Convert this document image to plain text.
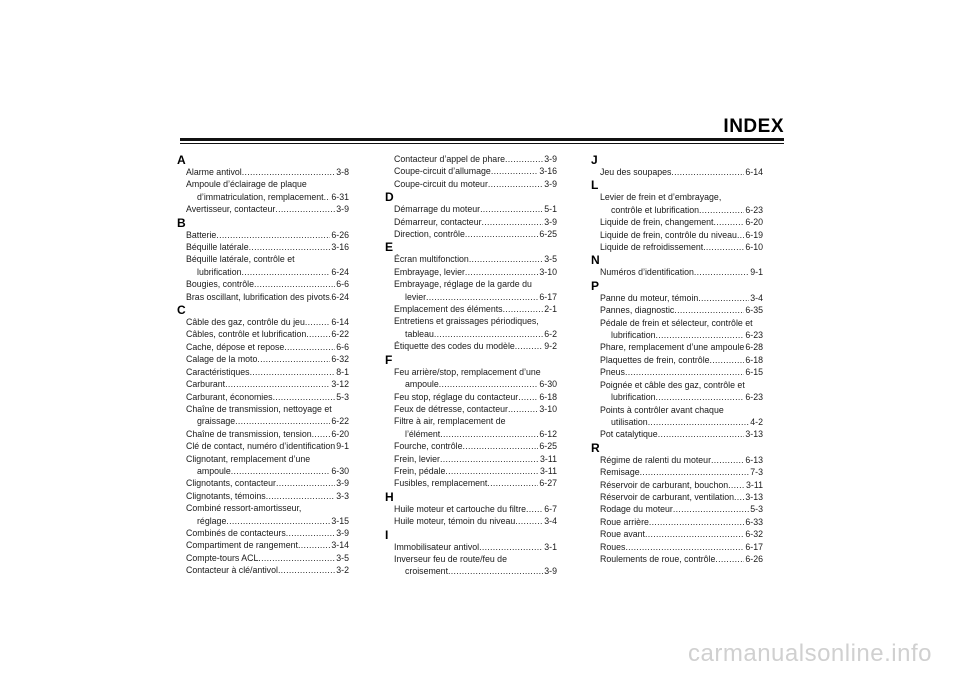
INDEX
A
Alarme antivol .....	3-8
Ampoule d’éclairage de plaque
d’immatriculation, remplacement ..... 6-31
Avertisseur, contacteur .....	3-9
B
Batterie .....	6-26
Béquille latérale .....	3-16
Béquille latérale, contrôle et
lubrification .....	6-24
Bougies, contrôle .....	6-6
Bras oscillant, lubrification des pivots ..... 6-24
C
Câble des gaz, contrôle du jeu .....	6-14
Câbles, contrôle et lubrification .....	6-22
Cache, dépose et repose .....	6-6
Calage de la moto .....	6-32
Caractéristiques .....	8-1
Carburant .....	3-12
Carburant, économies .....	5-3
Chaîne de transmission, nettoyage et
graissage .....	6-22
Chaîne de transmission, tension ..... 6-20
Clé de contact, numéro d’identification ..... 9-1
Clignotant, remplacement d’une
ampoule .....	6-30
Clignotants, contacteur .....	3-9
Clignotants, témoins .....	3-3
Combiné ressort-amortisseur,
réglage .....	3-15
Combinés de contacteurs .....	3-9
Compartiment de rangement .....	3-14
Compte-tours ACL .....	3-5
Contacteur à clé/antivol .....	3-2
Contacteur d’appel de phare .....	3-9
Coupe-circuit d’allumage .....	3-16
Coupe-circuit du moteur .....	3-9
D
Démarrage du moteur .....	5-1
Démarreur, contacteur .....	3-9
Direction, contrôle .....	6-25
E
Écran multifonction .....	3-5
Embrayage, levier .....	3-10
Embrayage, réglage de la garde du
levier .....	6-17
Emplacement des éléments .....	2-1
Entretiens et graissages périodiques,
tableau .....	6-2
Étiquette des codes du modèle .....	9-2
F
Feu arrière/stop, remplacement d’une
ampoule .....	6-30
Feu stop, réglage du contacteur ..... 6-18
Feux de détresse, contacteur .....	3-10
Filtre à air, remplacement de
l’élément .....	6-12
Fourche, contrôle .....	6-25
Frein, levier .....	3-11
Frein, pédale .....	3-11
Fusibles, remplacement .....	6-27
H
Huile moteur et cartouche du filtre ..... 6-7
Huile moteur, témoin du niveau .....	3-4
I
Immobilisateur antivol .....	3-1
Inverseur feu de route/feu de
croisement .....	3-9
J
Jeu des soupapes .....	6-14
L
Levier de frein et d’embrayage,
contrôle et lubrification .....	6-23
Liquide de frein, changement .....	6-20
Liquide de frein, contrôle du niveau ..... 6-19
Liquide de refroidissement .....	6-10
N
Numéros d’identification .....	9-1
P
Panne du moteur, témoin .....	3-4
Pannes, diagnostic .....	6-35
Pédale de frein et sélecteur, contrôle et
lubrification .....	6-23
Phare, remplacement d’une ampoule ..... 6-28
Plaquettes de frein, contrôle .....	6-18
Pneus .....	6-15
Poignée et câble des gaz, contrôle et
lubrification .....	6-23
Points à contrôler avant chaque
utilisation .....	4-2
Pot catalytique .....	3-13
R
Régime de ralenti du moteur .....	6-13
Remisage .....	7-3
Réservoir de carburant, bouchon ..... 3-11
Réservoir de carburant, ventilation ..... 3-13
Rodage du moteur .....	5-3
Roue arrière .....	6-33
Roue avant .....	6-32
Roues .....	6-17
Roulements de roue, contrôle .....	6-26
carmanualsonline.info
